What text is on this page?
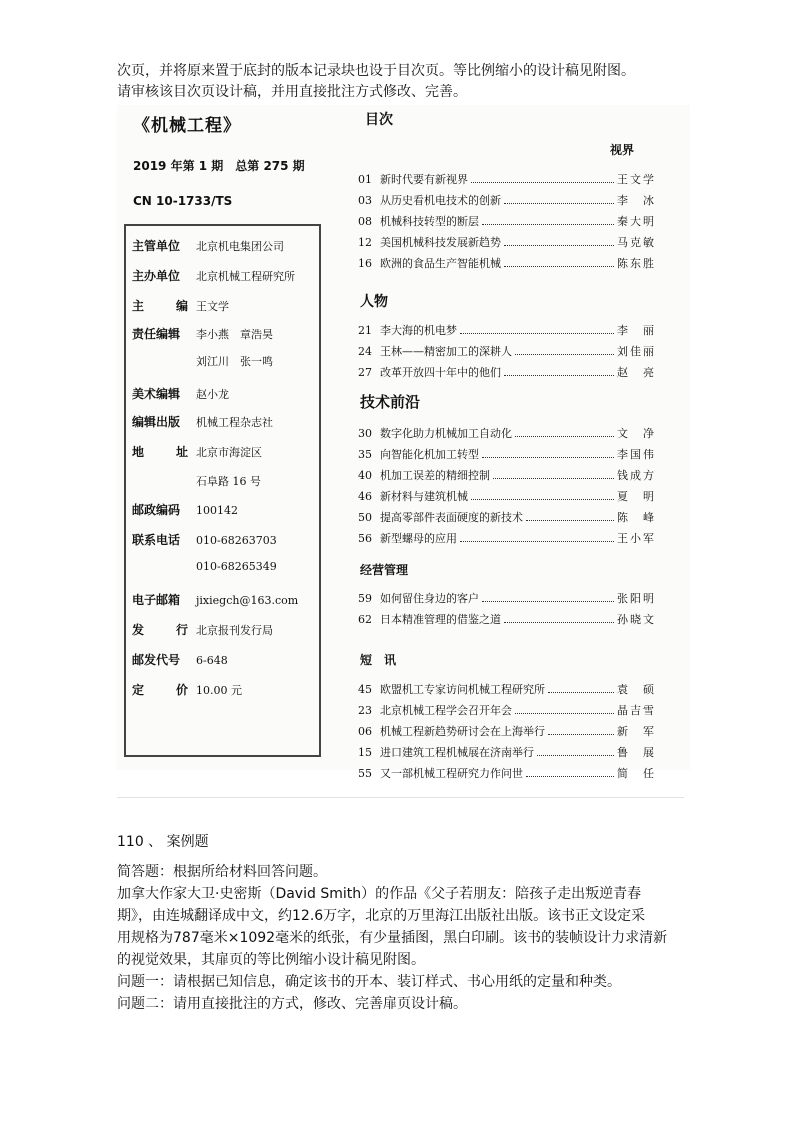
次页，并将原来置于底封的版本记录块也设于目次页。等比例缩小的设计稿见附图。

请审核该目次页设计稿，并用直接批注方式修改、完善。

《机械工程》	目次
2019 年第 1 期　总第 275 期
CN 10-1733/TS
主管单位 北京机电集团公司
主办单位 北京机械工程研究所
主编 王文学
责任编辑 李小燕　章浩昊
刘江川　张一鸣
美术编辑 赵小龙
编辑出版 机械工程杂志社
地址 北京市海淀区
石阜路 16 号
邮政编码 100142
联系电话 010-68263703
010-68265349
电子邮箱 jixiegch@163.com
发行 北京报刊发行局
邮发代号 6-648
定价 10.00 元
视界
01 新时代要有新视界	王文学
03 从历史看机电技术的创新	李　冰
08 机械科技转型的断层	秦大明
12 美国机械科技发展新趋势	马克敏
16 欧洲的食品生产智能机械	陈东胜
人物
21 李大海的机电梦	李　丽
24 王林——精密加工的深耕人	刘佳丽
27 改革开放四十年中的他们	赵　亮
技术前沿
30 数字化助力机械加工自动化	文　净
35 向智能化机加工转型	李国伟
40 机加工误差的精细控制	钱成方
46 新材料与建筑机械	夏　明
50 提高零部件表面硬度的新技术	陈　峰
56 新型螺母的应用	王小军
经营管理
59 如何留住身边的客户	张阳明
62 日本精准管理的借鉴之道	孙晓文
短　讯
45 欧盟机工专家访问机械工程研究所	袁　硕
23 北京机械工程学会召开年会	晶吉雪
06 机械工程新趋势研讨会在上海举行	新　军
15 进口建筑工程机械展在济南举行	鲁　展
55 又一部机械工程研究力作问世	简　任

110 、 案例题

简答题：根据所给材料回答问题。

加拿大作家大卫·史密斯（David Smith）的作品《父子若朋友：陪孩子走出叛逆青春

期》，由连城翻译成中文，约12.6万字，北京的万里海江出版社出版。该书正文设定采

用规格为787毫米×1092毫米的纸张，有少量插图，黑白印刷。该书的装帧设计力求清新

的视觉效果，其扉页的等比例缩小设计稿见附图。

问题一：请根据已知信息，确定该书的开本、装订样式、书心用纸的定量和种类。

问题二：请用直接批注的方式，修改、完善扉页设计稿。
